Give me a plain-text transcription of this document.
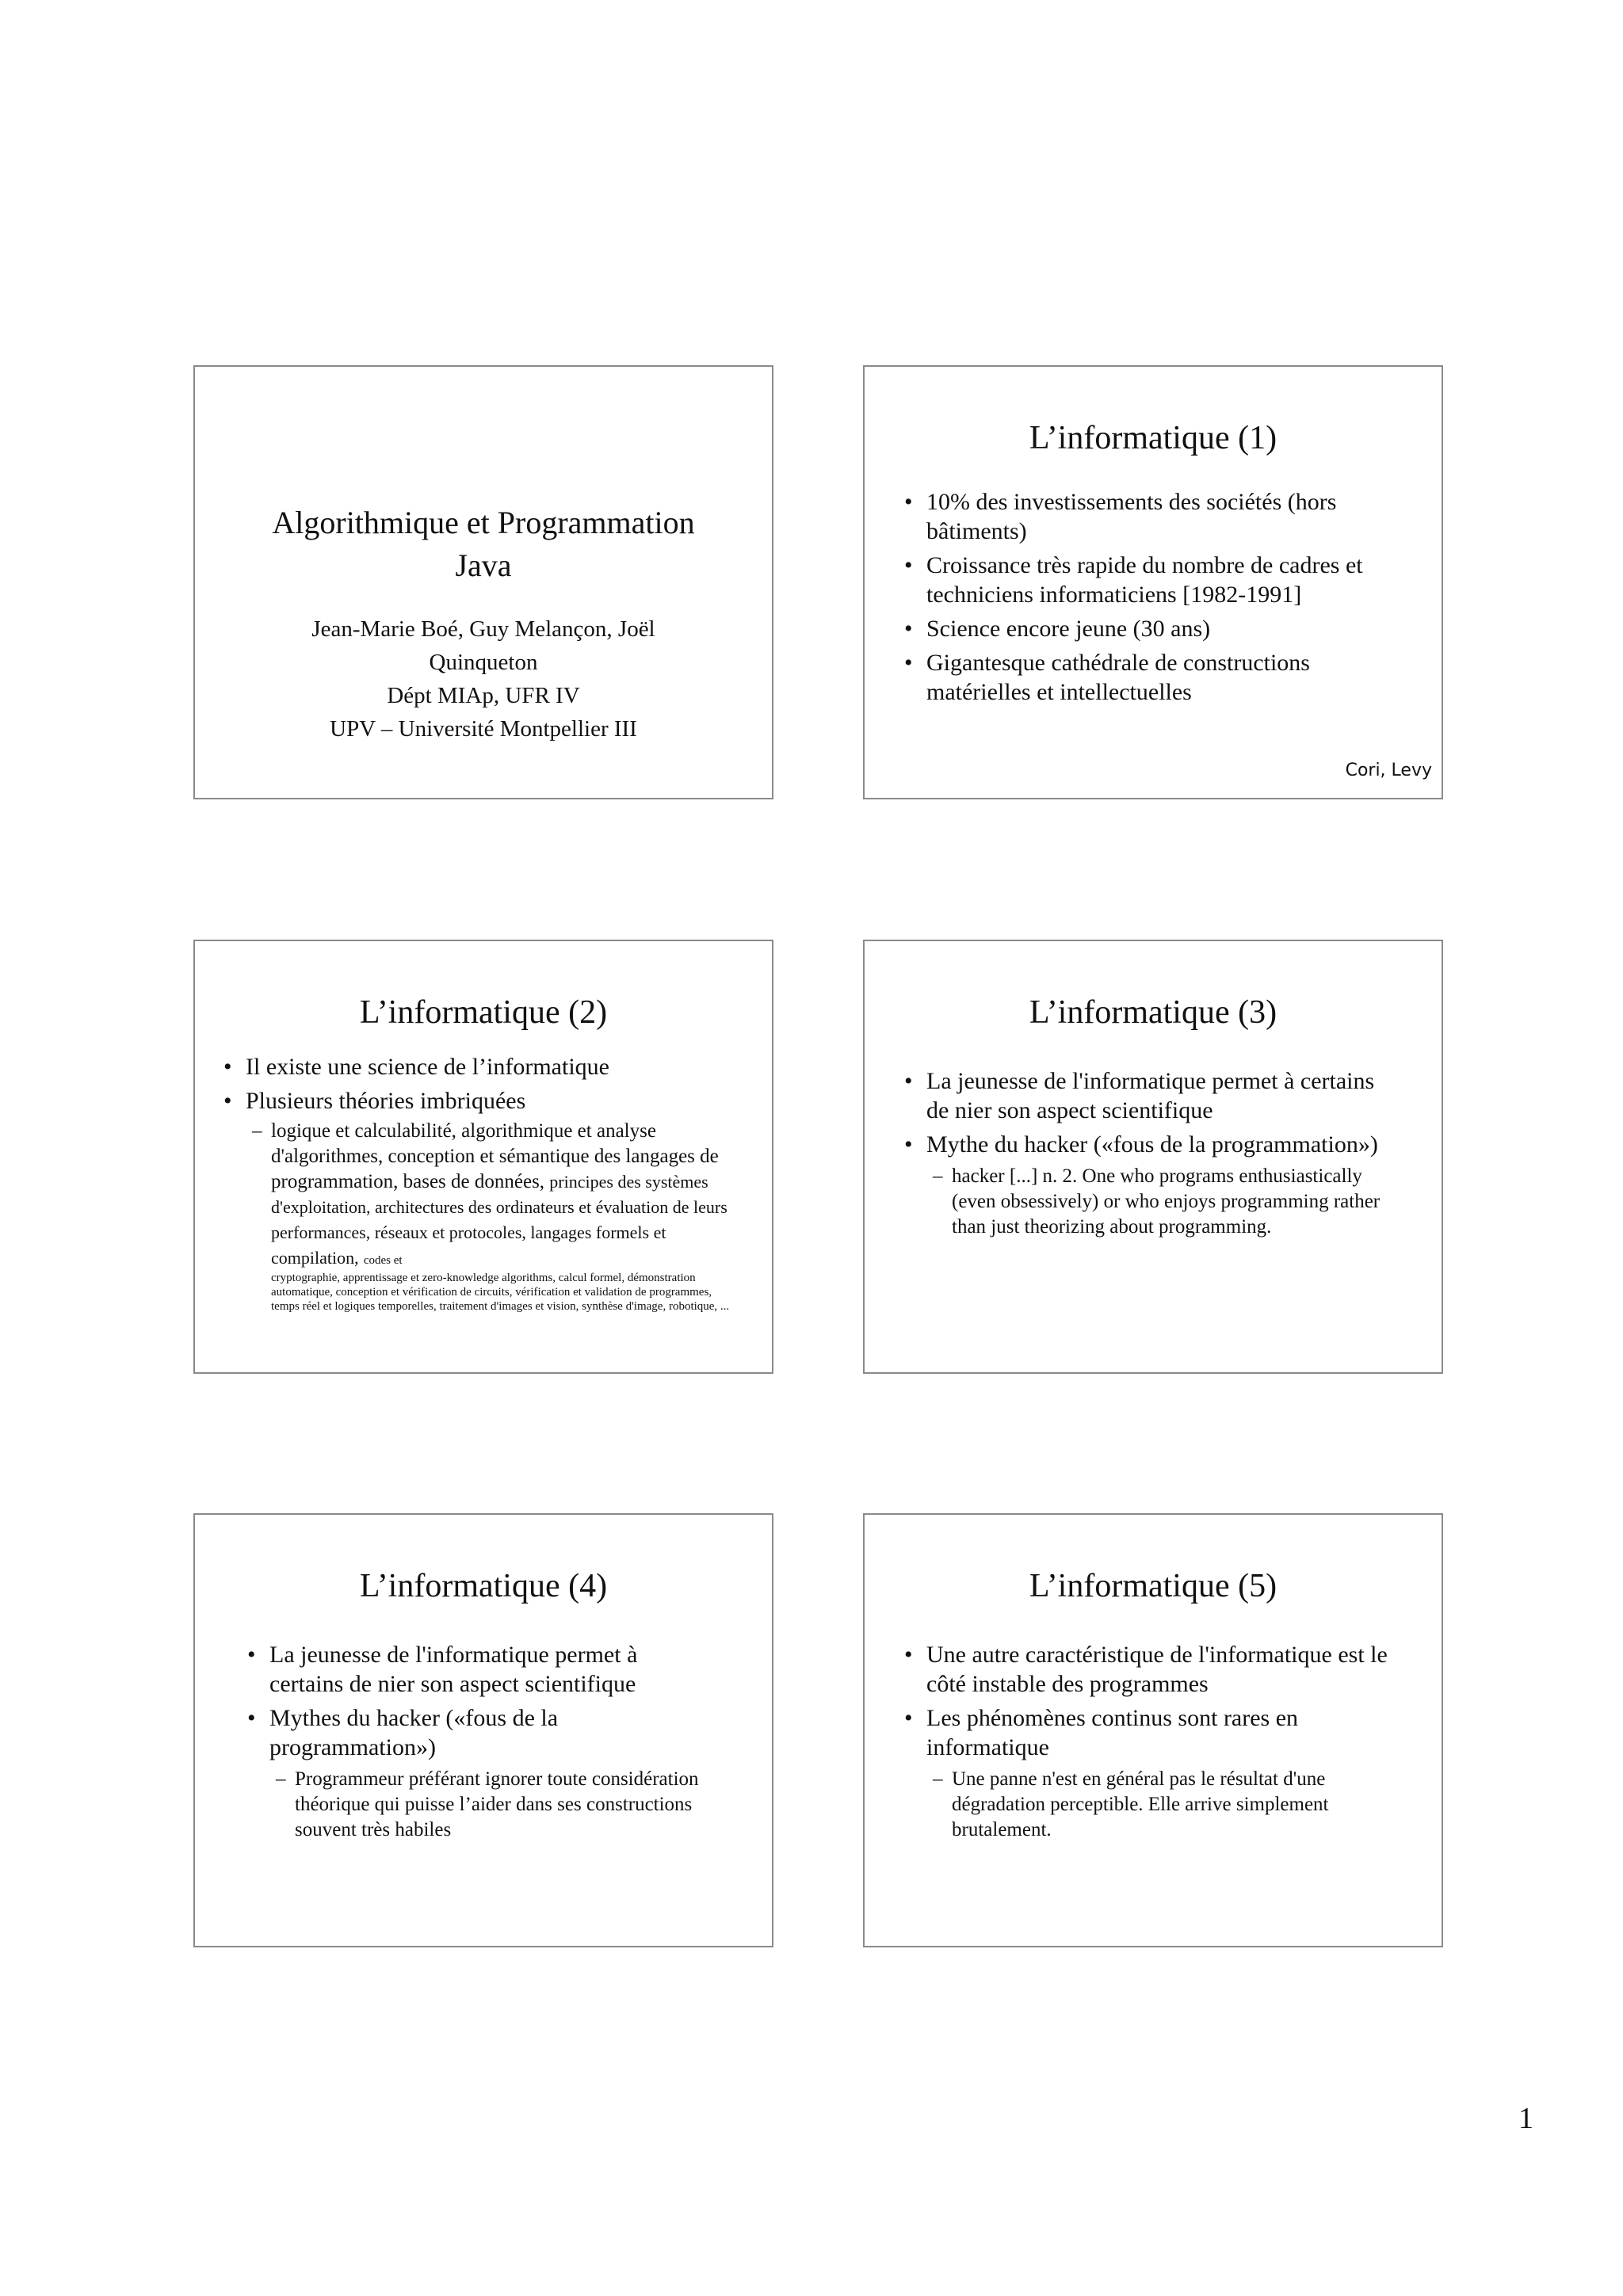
Algorithmique et Programmation
Java
Jean-Marie Boé, Guy Melançon, Joël
Quinqueton
Dépt MIAp, UFR IV
UPV – Université Montpellier III
L’informatique (1)
• 10% des investissements des sociétés (hors bâtiments)
• Croissance très rapide du nombre de cadres et techniciens informaticiens [1982-1991]
• Science encore jeune (30 ans)
• Gigantesque cathédrale de constructions matérielles et intellectuelles
Cori, Levy
L’informatique (2)
• Il existe une science de l’informatique
• Plusieurs théories imbriquées
– logique et calculabilité, algorithmique et analyse d'algorithmes, conception et sémantique des langages de programmation, bases de données, principes des systèmes d'exploitation, architectures des ordinateurs et évaluation de leurs performances, réseaux et protocoles, langages formels et compilation, codes et
cryptographie, apprentissage et zero-knowledge algorithms, calcul formel, démonstration automatique, conception et vérification de circuits, vérification et validation de programmes, temps réel et logiques temporelles, traitement d'images et vision, synthèse d'image, robotique, ...
L’informatique (3)
• La jeunesse de l'informatique permet à certains de nier son aspect scientifique
• Mythe du hacker («fous de la programmation»)
– hacker [...] n. 2. One who programs enthusiastically (even obsessively) or who enjoys programming rather than just theorizing about programming.
L’informatique (4)
• La jeunesse de l'informatique permet à certains de nier son aspect scientifique
• Mythes du hacker («fous de la programmation»)
– Programmeur préférant ignorer toute considération théorique qui puisse l’aider dans ses constructions souvent très habiles
L’informatique (5)
• Une autre caractéristique de l'informatique est le côté instable des programmes
• Les phénomènes continus sont rares en informatique
– Une panne n'est en général pas le résultat d'une dégradation perceptible. Elle arrive simplement brutalement.
1
